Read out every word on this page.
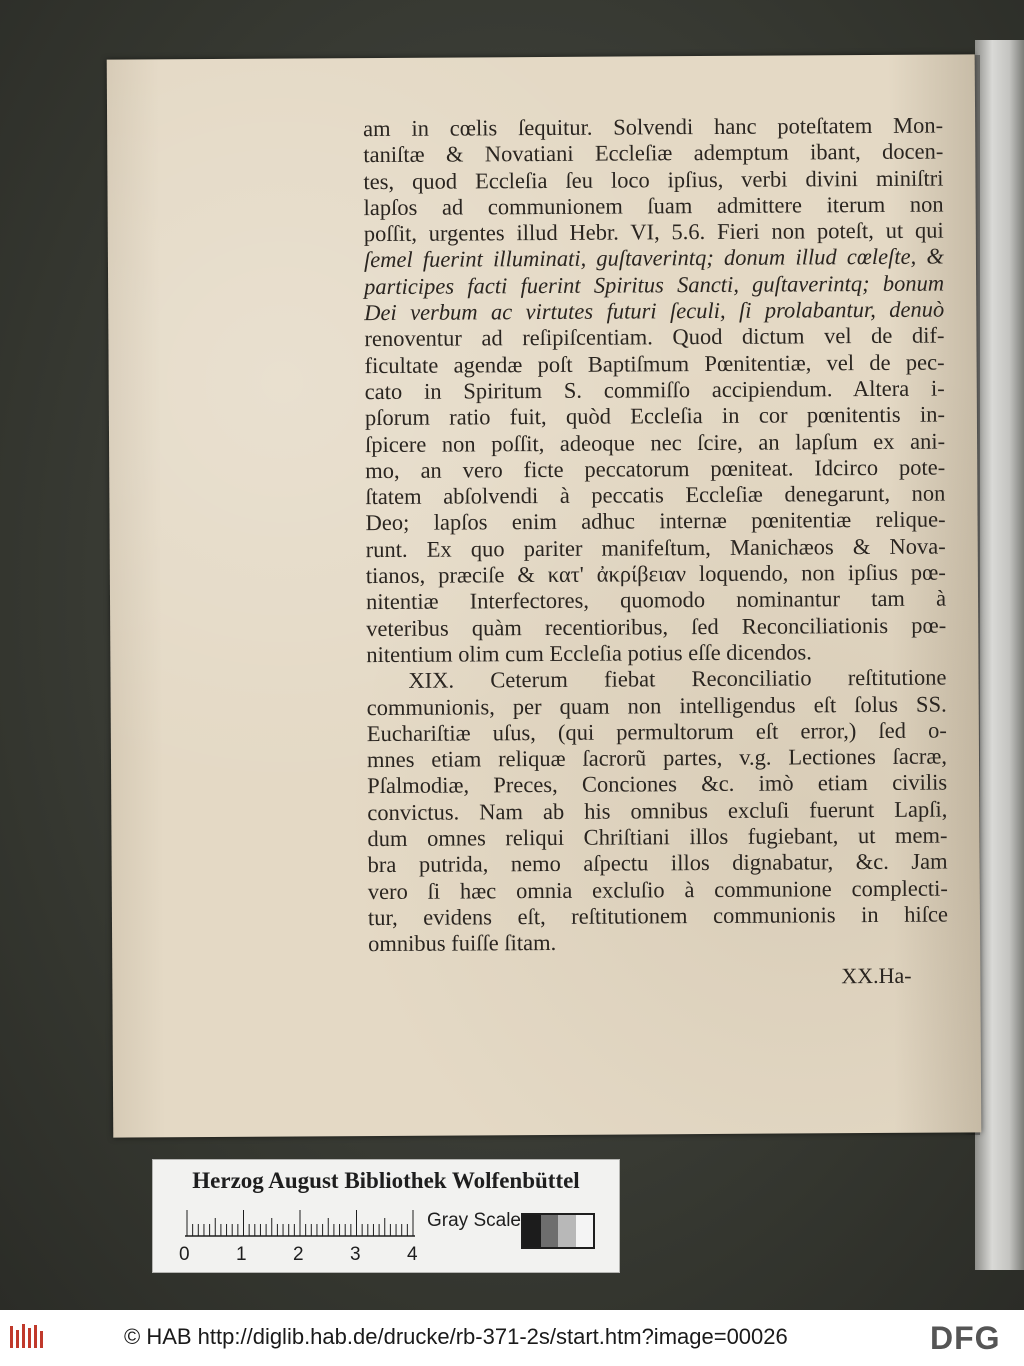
am in cœlis ſequitur. Solvendi hanc poteſtatem Mon-
taniſtæ & Novatiani Eccleſiæ ademptum ibant, docen-
tes, quod Eccleſia ſeu loco ipſius, verbi divini miniſtri
lapſos ad communionem ſuam admittere iterum non
poſſit, urgentes illud Hebr. VI, 5.6. Fieri non poteſt, ut qui
ſemel fuerint illuminati, guſtaverintq; donum illud cœleſte, &
participes facti fuerint Spiritus Sancti, guſtaverintq; bonum
Dei verbum ac virtutes futuri ſeculi, ſi prolabantur, denuò
renoventur ad reſipiſcentiam. Quod dictum vel de dif-
ficultate agendæ poſt Baptiſmum Pœnitentiæ, vel de pec-
cato in Spiritum S. commiſſo accipiendum. Altera i-
pſorum ratio fuit, quòd Eccleſia in cor pœnitentis in-
ſpicere non poſſit, adeoque nec ſcire, an lapſum ex ani-
mo, an vero ficte peccatorum pœniteat. Idcirco pote-
ſtatem abſolvendi à peccatis Eccleſiæ denegarunt, non
Deo; lapſos enim adhuc internæ pœnitentiæ reliquе-
runt. Ex quo pariter manifeſtum, Manichæos & Nova-
tianos, præciſe & κατ' ἀκρίβειαν loquendo, non ipſius pœ-
nitentiæ Interfectores, quomodo nominantur tam à
veteribus quàm recentioribus, ſed Reconciliationis pœ-
nitentium olim cum Eccleſia potius eſſe dicendos.
XIX. Ceterum fiebat Reconciliatio reſtitutione
communionis, per quam non intelligendus eſt ſolus SS.
Euchariſtiæ uſus, (qui permultorum eſt error,) ſed o-
mnes etiam reliquæ ſacrorũ partes, v.g. Lectiones ſacræ,
Pſalmodiæ, Preces, Conciones &c. imò etiam civilis
convictus. Nam ab his omnibus excluſi fuerunt Lapſi,
dum omnes reliqui Chriſtiani illos fugiebant, ut mem-
bra putrida, nemo aſpectu illos dignabatur, &c. Jam
vero ſi hæc omnia excluſio à communione complecti-
tur, evidens eſt, reſtitutionem communionis in hiſce
omnibus fuiſſe ſitam.
XX.Ha-
Herzog August Bibliothek Wolfenbüttel
0 1 2 3 4
Gray Scale
© HAB http://diglib.hab.de/drucke/rb-371-2s/start.htm?image=00026	DFG
